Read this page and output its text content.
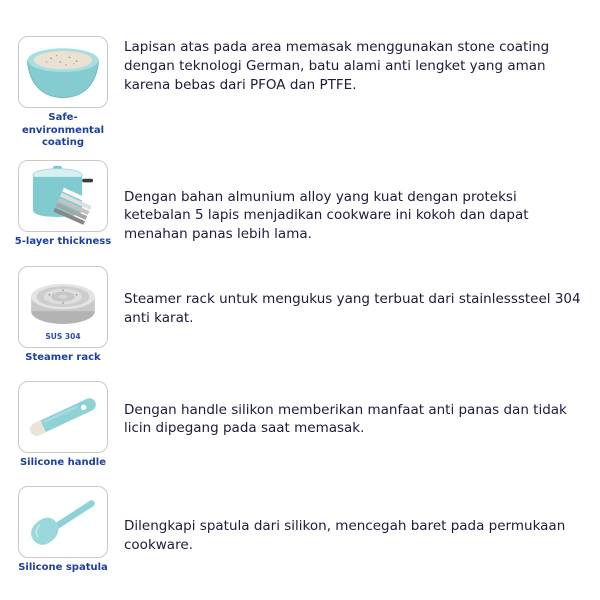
Safe-environmental coating
Lapisan atas pada area memasak menggunakan stone coating dengan teknologi German, batu alami anti lengket yang aman karena bebas dari PFOA dan PTFE.
5-layer thickness
Dengan bahan almunium alloy yang kuat dengan proteksi ketebalan 5 lapis menjadikan cookware ini kokoh dan dapat menahan panas lebih lama.
SUS 304
Steamer rack
Steamer rack untuk mengukus yang terbuat dari stainlesssteel 304 anti karat.
Silicone handle
Dengan handle silikon memberikan manfaat anti panas dan tidak licin dipegang pada saat memasak.
Silicone spatula
Dilengkapi spatula dari silikon, mencegah baret pada permukaan cookware.
